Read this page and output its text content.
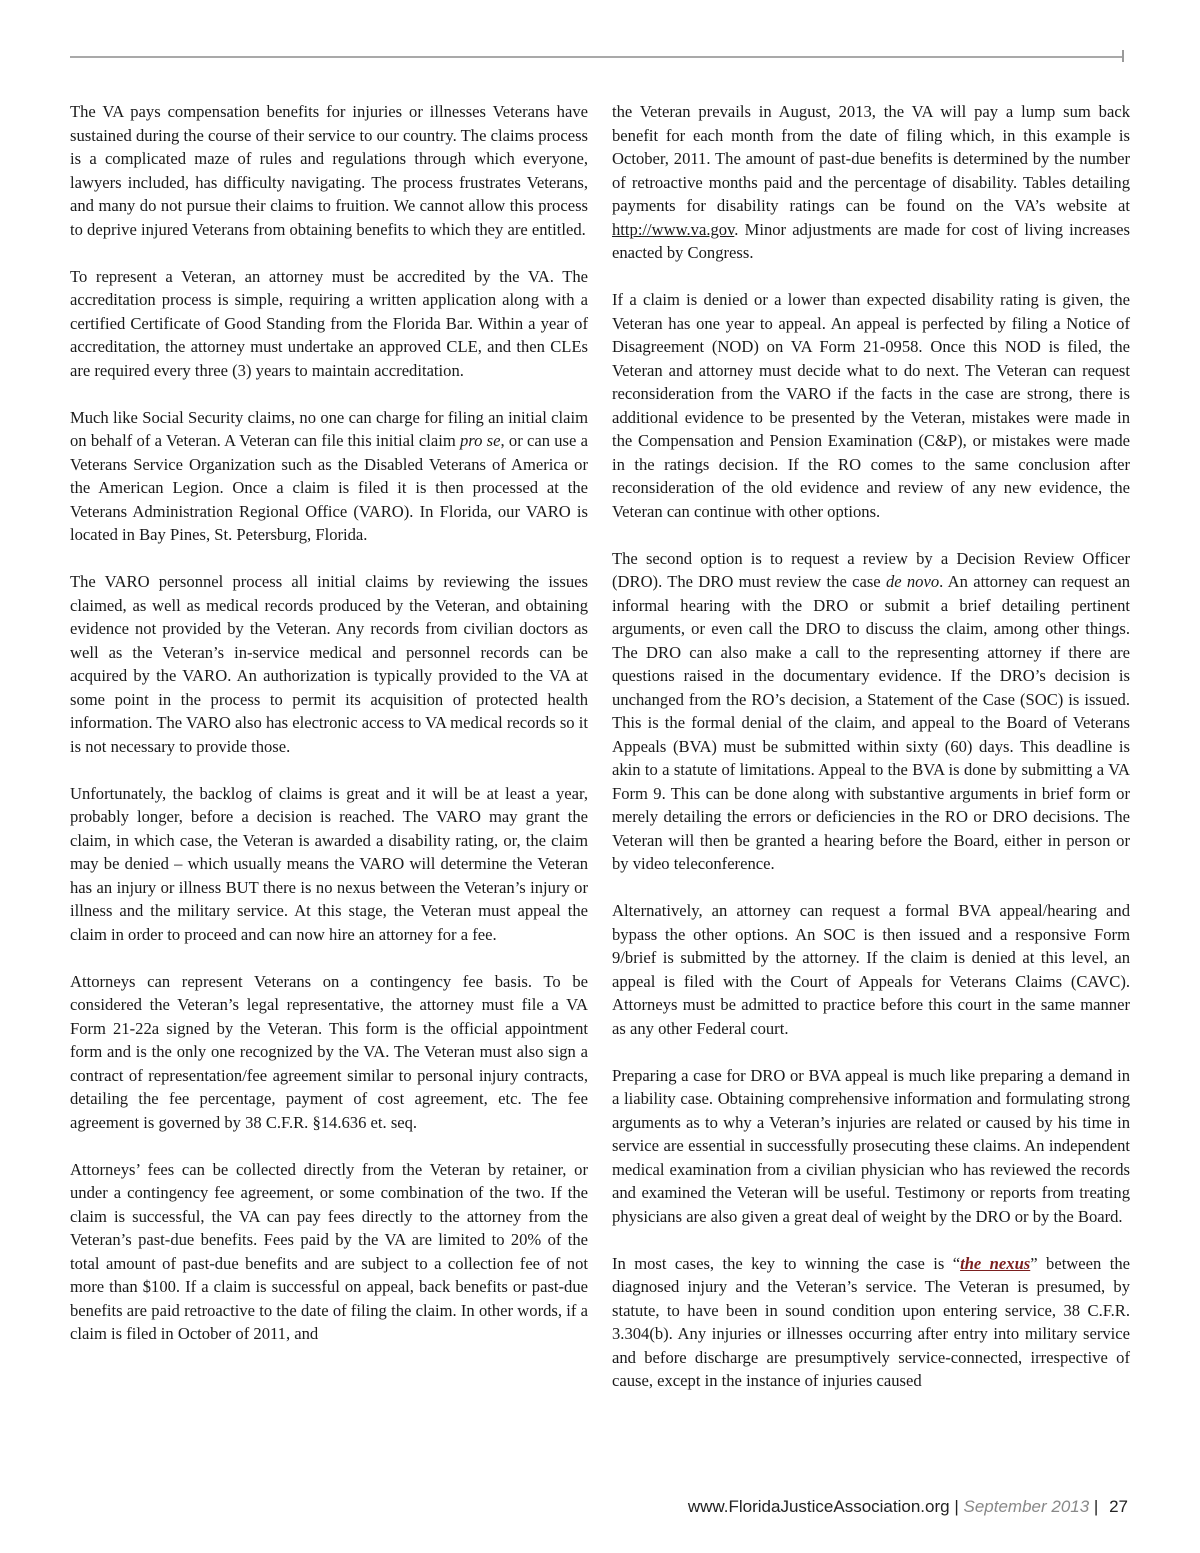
The VA pays compensation benefits for injuries or illnesses Veterans have sustained during the course of their service to our country. The claims process is a complicated maze of rules and regulations through which everyone, lawyers included, has difficulty navigating. The process frustrates Veterans, and many do not pursue their claims to fruition. We cannot allow this process to deprive injured Veterans from obtaining benefits to which they are entitled.

To represent a Veteran, an attorney must be accredited by the VA. The accreditation process is simple, requiring a written application along with a certified Certificate of Good Standing from the Florida Bar. Within a year of accreditation, the attorney must undertake an approved CLE, and then CLEs are required every three (3) years to maintain accreditation.

Much like Social Security claims, no one can charge for filing an initial claim on behalf of a Veteran. A Veteran can file this initial claim pro se, or can use a Veterans Service Organization such as the Disabled Veterans of America or the American Legion. Once a claim is filed it is then processed at the Veterans Administration Regional Office (VARO). In Florida, our VARO is located in Bay Pines, St. Petersburg, Florida.

The VARO personnel process all initial claims by reviewing the issues claimed, as well as medical records produced by the Veteran, and obtaining evidence not provided by the Veteran. Any records from civilian doctors as well as the Veteran’s in-service medical and personnel records can be acquired by the VARO. An authorization is typically provided to the VA at some point in the process to permit its acquisition of protected health information. The VARO also has electronic access to VA medical records so it is not necessary to provide those.

Unfortunately, the backlog of claims is great and it will be at least a year, probably longer, before a decision is reached. The VARO may grant the claim, in which case, the Veteran is awarded a disability rating, or, the claim may be denied – which usually means the VARO will determine the Veteran has an injury or illness BUT there is no nexus between the Veteran’s injury or illness and the military service. At this stage, the Veteran must appeal the claim in order to proceed and can now hire an attorney for a fee.

Attorneys can represent Veterans on a contingency fee basis. To be considered the Veteran’s legal representative, the attorney must file a VA Form 21-22a signed by the Veteran. This form is the official appointment form and is the only one recognized by the VA. The Veteran must also sign a contract of representation/fee agreement similar to personal injury contracts, detailing the fee percentage, payment of cost agreement, etc. The fee agreement is governed by 38 C.F.R. §14.636 et. seq.

Attorneys’ fees can be collected directly from the Veteran by retainer, or under a contingency fee agreement, or some combination of the two. If the claim is successful, the VA can pay fees directly to the attorney from the Veteran’s past-due benefits. Fees paid by the VA are limited to 20% of the total amount of past-due benefits and are subject to a collection fee of not more than $100. If a claim is successful on appeal, back benefits or past-due benefits are paid retroactive to the date of filing the claim. In other words, if a claim is filed in October of 2011, and

the Veteran prevails in August, 2013, the VA will pay a lump sum back benefit for each month from the date of filing which, in this example is October, 2011. The amount of past-due benefits is determined by the number of retroactive months paid and the percentage of disability. Tables detailing payments for disability ratings can be found on the VA’s website at http://www.va.gov. Minor adjustments are made for cost of living increases enacted by Congress.

If a claim is denied or a lower than expected disability rating is given, the Veteran has one year to appeal. An appeal is perfected by filing a Notice of Disagreement (NOD) on VA Form 21-0958. Once this NOD is filed, the Veteran and attorney must decide what to do next. The Veteran can request reconsideration from the VARO if the facts in the case are strong, there is additional evidence to be presented by the Veteran, mistakes were made in the Compensation and Pension Examination (C&P), or mistakes were made in the ratings decision. If the RO comes to the same conclusion after reconsideration of the old evidence and review of any new evidence, the Veteran can continue with other options.

The second option is to request a review by a Decision Review Officer (DRO). The DRO must review the case de novo. An attorney can request an informal hearing with the DRO or submit a brief detailing pertinent arguments, or even call the DRO to discuss the claim, among other things. The DRO can also make a call to the representing attorney if there are questions raised in the documentary evidence. If the DRO’s decision is unchanged from the RO’s decision, a Statement of the Case (SOC) is issued. This is the formal denial of the claim, and appeal to the Board of Veterans Appeals (BVA) must be submitted within sixty (60) days. This deadline is akin to a statute of limitations. Appeal to the BVA is done by submitting a VA Form 9. This can be done along with substantive arguments in brief form or merely detailing the errors or deficiencies in the RO or DRO decisions. The Veteran will then be granted a hearing before the Board, either in person or by video teleconference.

Alternatively, an attorney can request a formal BVA appeal/hearing and bypass the other options. An SOC is then issued and a responsive Form 9/brief is submitted by the attorney. If the claim is denied at this level, an appeal is filed with the Court of Appeals for Veterans Claims (CAVC). Attorneys must be admitted to practice before this court in the same manner as any other Federal court.

Preparing a case for DRO or BVA appeal is much like preparing a demand in a liability case. Obtaining comprehensive information and formulating strong arguments as to why a Veteran’s injuries are related or caused by his time in service are essential in successfully prosecuting these claims. An independent medical examination from a civilian physician who has reviewed the records and examined the Veteran will be useful. Testimony or reports from treating physicians are also given a great deal of weight by the DRO or by the Board.

In most cases, the key to winning the case is “the nexus” between the diagnosed injury and the Veteran’s service. The Veteran is presumed, by statute, to have been in sound condition upon entering service, 38 C.F.R. 3.304(b). Any injuries or illnesses occurring after entry into military service and before discharge are presumptively service-connected, irrespective of cause, except in the instance of injuries caused

www.FloridaJusticeAssociation.org | September 2013 | 27
